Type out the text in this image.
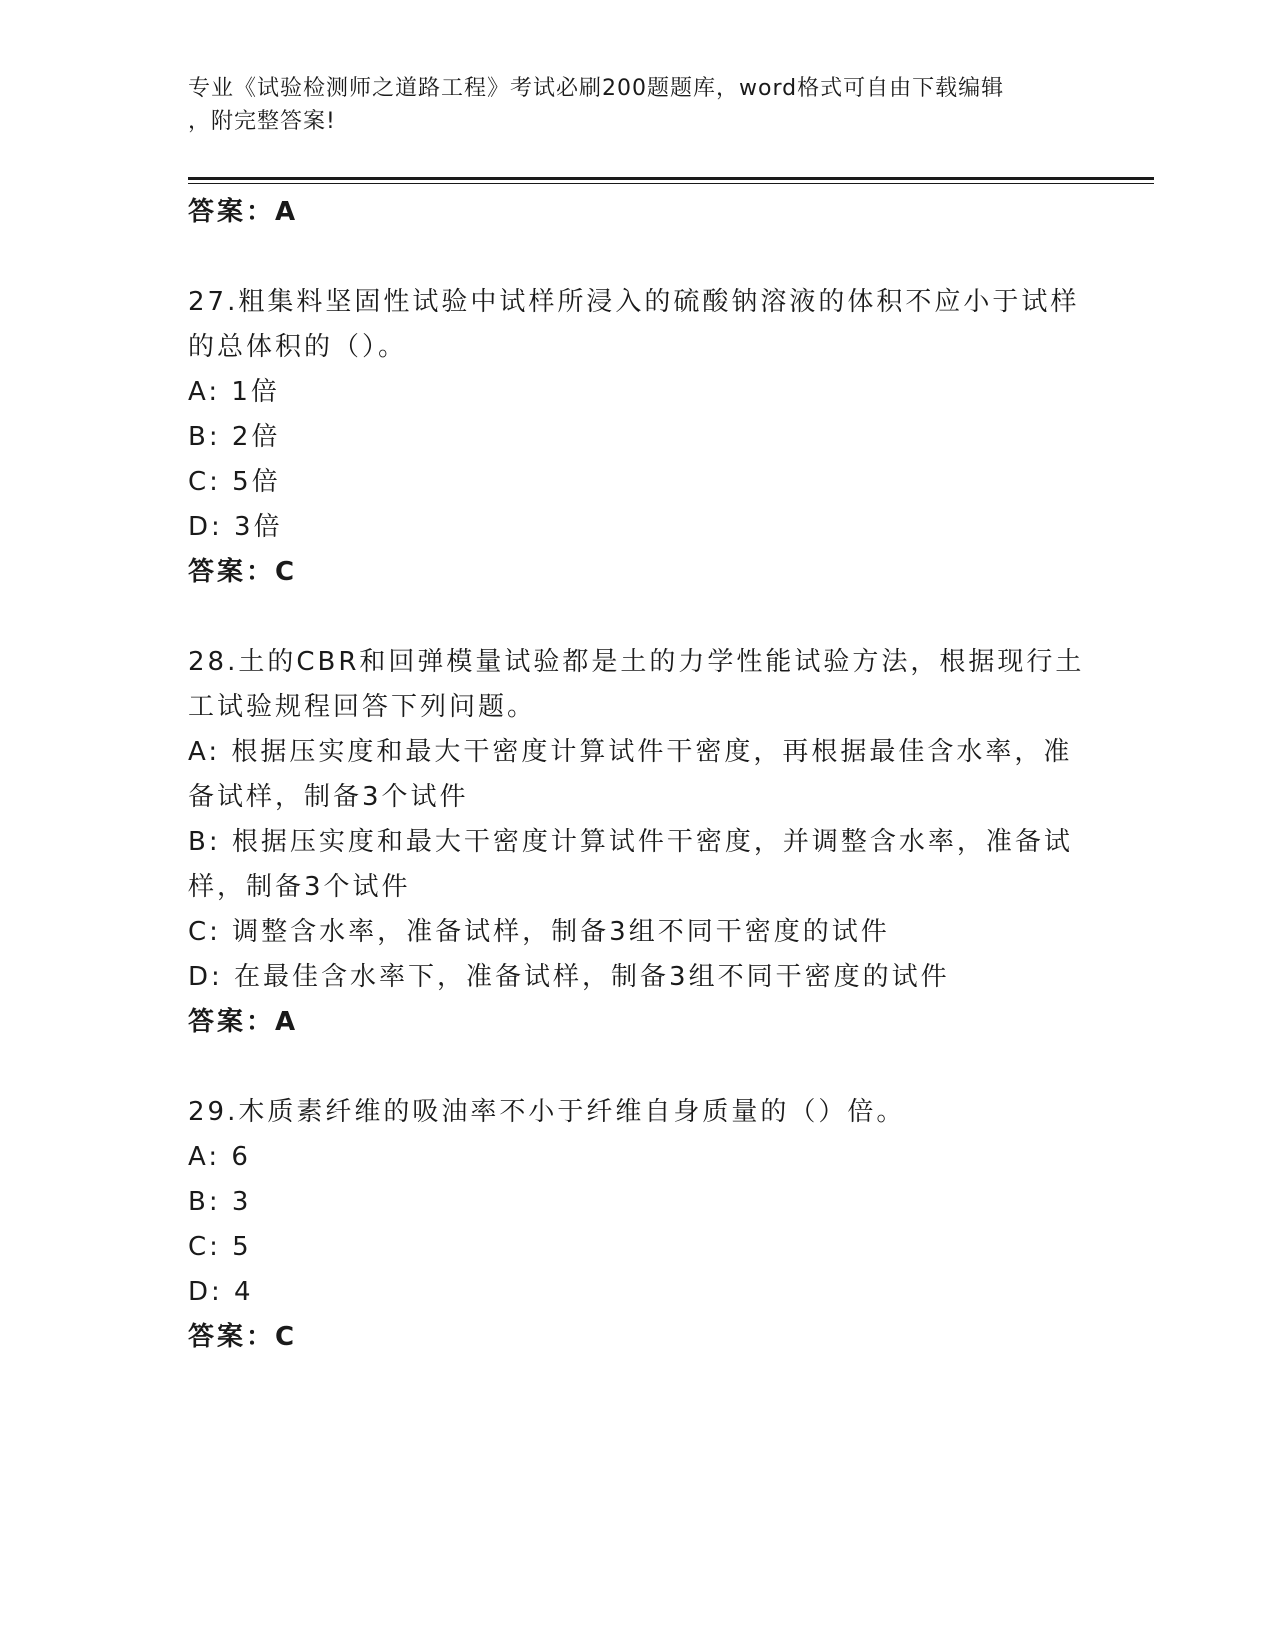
专业《试验检测师之道路工程》考试必刷200题题库，word格式可自由下载编辑
，附完整答案!
答案：A
27.粗集料坚固性试验中试样所浸入的硫酸钠溶液的体积不应小于试样
的总体积的（）。
A: 1倍
B: 2倍
C: 5倍
D: 3倍
答案：C
28.土的CBR和回弹模量试验都是土的力学性能试验方法，根据现行土
工试验规程回答下列问题。
A: 根据压实度和最大干密度计算试件干密度，再根据最佳含水率，准
备试样，制备3个试件
B: 根据压实度和最大干密度计算试件干密度，并调整含水率，准备试
样，制备3个试件
C: 调整含水率，准备试样，制备3组不同干密度的试件
D: 在最佳含水率下，准备试样，制备3组不同干密度的试件
答案：A
29.木质素纤维的吸油率不小于纤维自身质量的（）倍。
A: 6
B: 3
C: 5
D: 4
答案：C
